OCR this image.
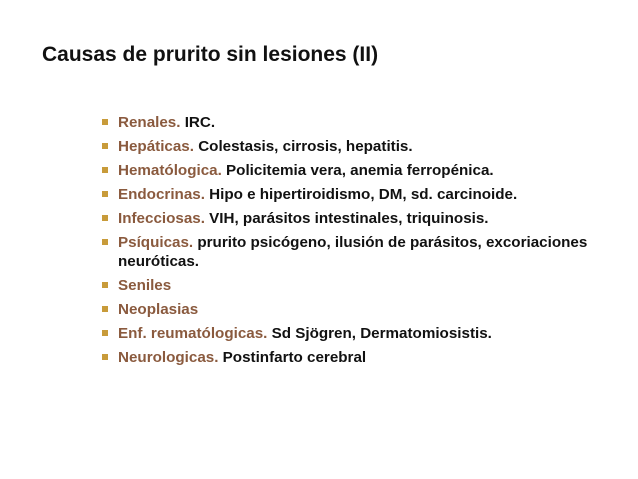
Causas de prurito sin lesiones (II)
Renales. IRC.
Hepáticas. Colestasis, cirrosis, hepatitis.
Hematólogica. Policitemia vera, anemia ferropénica.
Endocrinas. Hipo e hipertiroidismo, DM, sd. carcinoide.
Infecciosas. VIH, parásitos intestinales, triquinosis.
Psíquicas. prurito psicógeno, ilusión de parásitos, excoriaciones neuróticas.
Seniles
Neoplasias
Enf. reumatólogicas. Sd Sjögren, Dermatomiosistis.
Neurologicas. Postinfarto cerebral
